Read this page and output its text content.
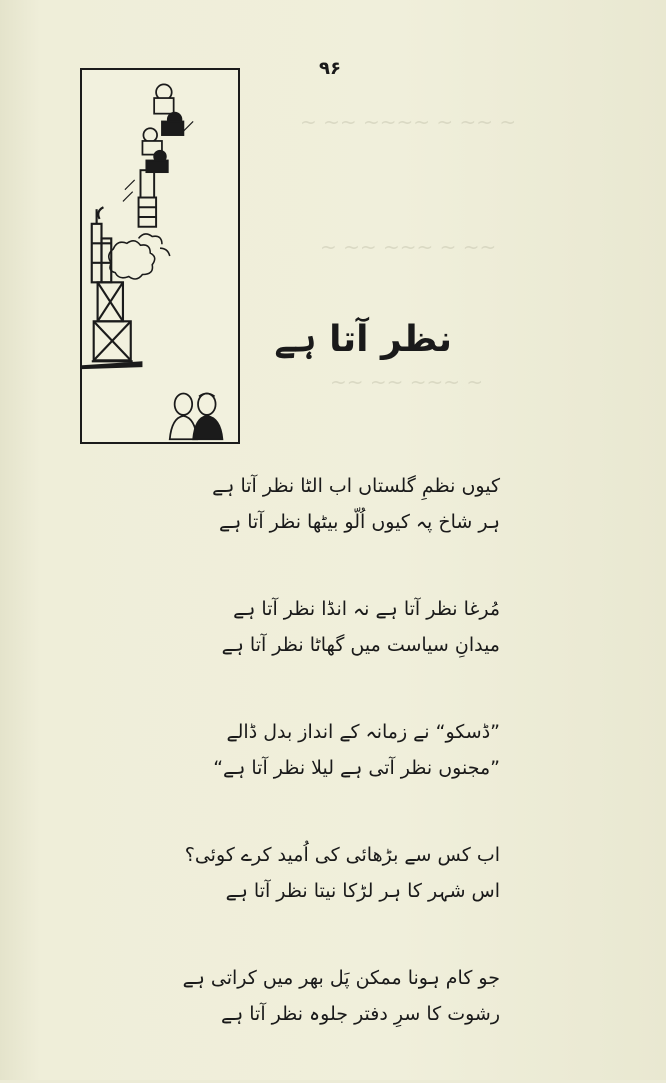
~ ~~ ~ ~~~~ ~~ ~
~~ ~ ~~~ ~~ ~
~ ~~~ ~~ ~~
۹۶
نظر آتا ہے
کیوں نظمِ گلستاں اب الٹا نظر آتا ہے
ہر شاخ پہ کیوں اُلّو بیٹھا نظر آتا ہے
مُرغا نظر آتا ہے نہ انڈا نظر آتا ہے
میدانِ سیاست میں گھاٹا نظر آتا ہے
”ڈسکو“ نے زمانہ کے انداز بدل ڈالے
”مجنوں نظر آتی ہے لیلا نظر آتا ہے“
اب کس سے بڑھائی کی اُمید کرے کوئی؟
اس شہر کا ہر لڑکا نیتا نظر آتا ہے
جو کام ہونا ممکن پَل بھر میں کراتی ہے
رشوت کا سرِ دفتر جلوہ نظر آتا ہے
